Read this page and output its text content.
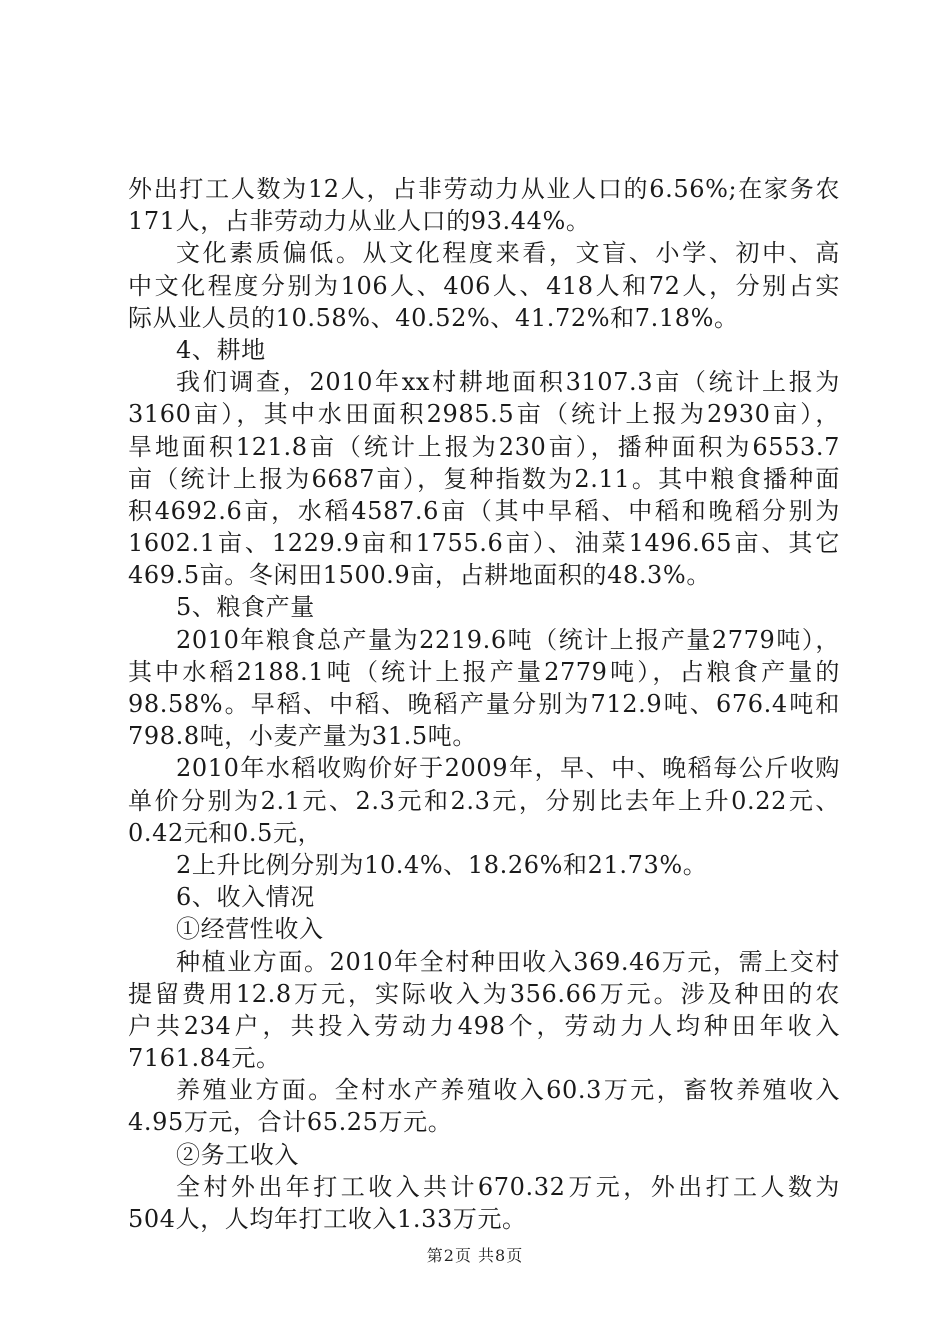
外出打工人数为12人，占非劳动力从业人口的6.56%;在家务农
171人，占非劳动力从业人口的93.44%。
文化素质偏低。从文化程度来看，文盲、小学、初中、高
中文化程度分别为106人、406人、418人和72人，分别占实
际从业人员的10.58%、40.52%、41.72%和7.18%。
4、耕地
我们调查，2010年xx村耕地面积3107.3亩（统计上报为
3160亩），其中水田面积2985.5亩（统计上报为2930亩），
旱地面积121.8亩（统计上报为230亩），播种面积为6553.7
亩（统计上报为6687亩），复种指数为2.11。其中粮食播种面
积4692.6亩，水稻4587.6亩（其中早稻、中稻和晚稻分别为
1602.1亩、1229.9亩和1755.6亩）、油菜1496.65亩、其它
469.5亩。冬闲田1500.9亩，占耕地面积的48.3%。
5、粮食产量
2010年粮食总产量为2219.6吨（统计上报产量2779吨），
其中水稻2188.1吨（统计上报产量2779吨），占粮食产量的
98.58%。早稻、中稻、晚稻产量分别为712.9吨、676.4吨和
798.8吨，小麦产量为31.5吨。
2010年水稻收购价好于2009年，早、中、晚稻每公斤收购
单价分别为2.1元、2.3元和2.3元，分别比去年上升0.22元、
0.42元和0.5元，
2上升比例分别为10.4%、18.26%和21.73%。
6、收入情况
①经营性收入
种植业方面。2010年全村种田收入369.46万元，需上交村
提留费用12.8万元，实际收入为356.66万元。涉及种田的农
户共234户，共投入劳动力498个，劳动力人均种田年收入
7161.84元。
养殖业方面。全村水产养殖收入60.3万元，畜牧养殖收入
4.95万元，合计65.25万元。
②务工收入
全村外出年打工收入共计670.32万元，外出打工人数为
504人，人均年打工收入1.33万元。
第2页 共8页
